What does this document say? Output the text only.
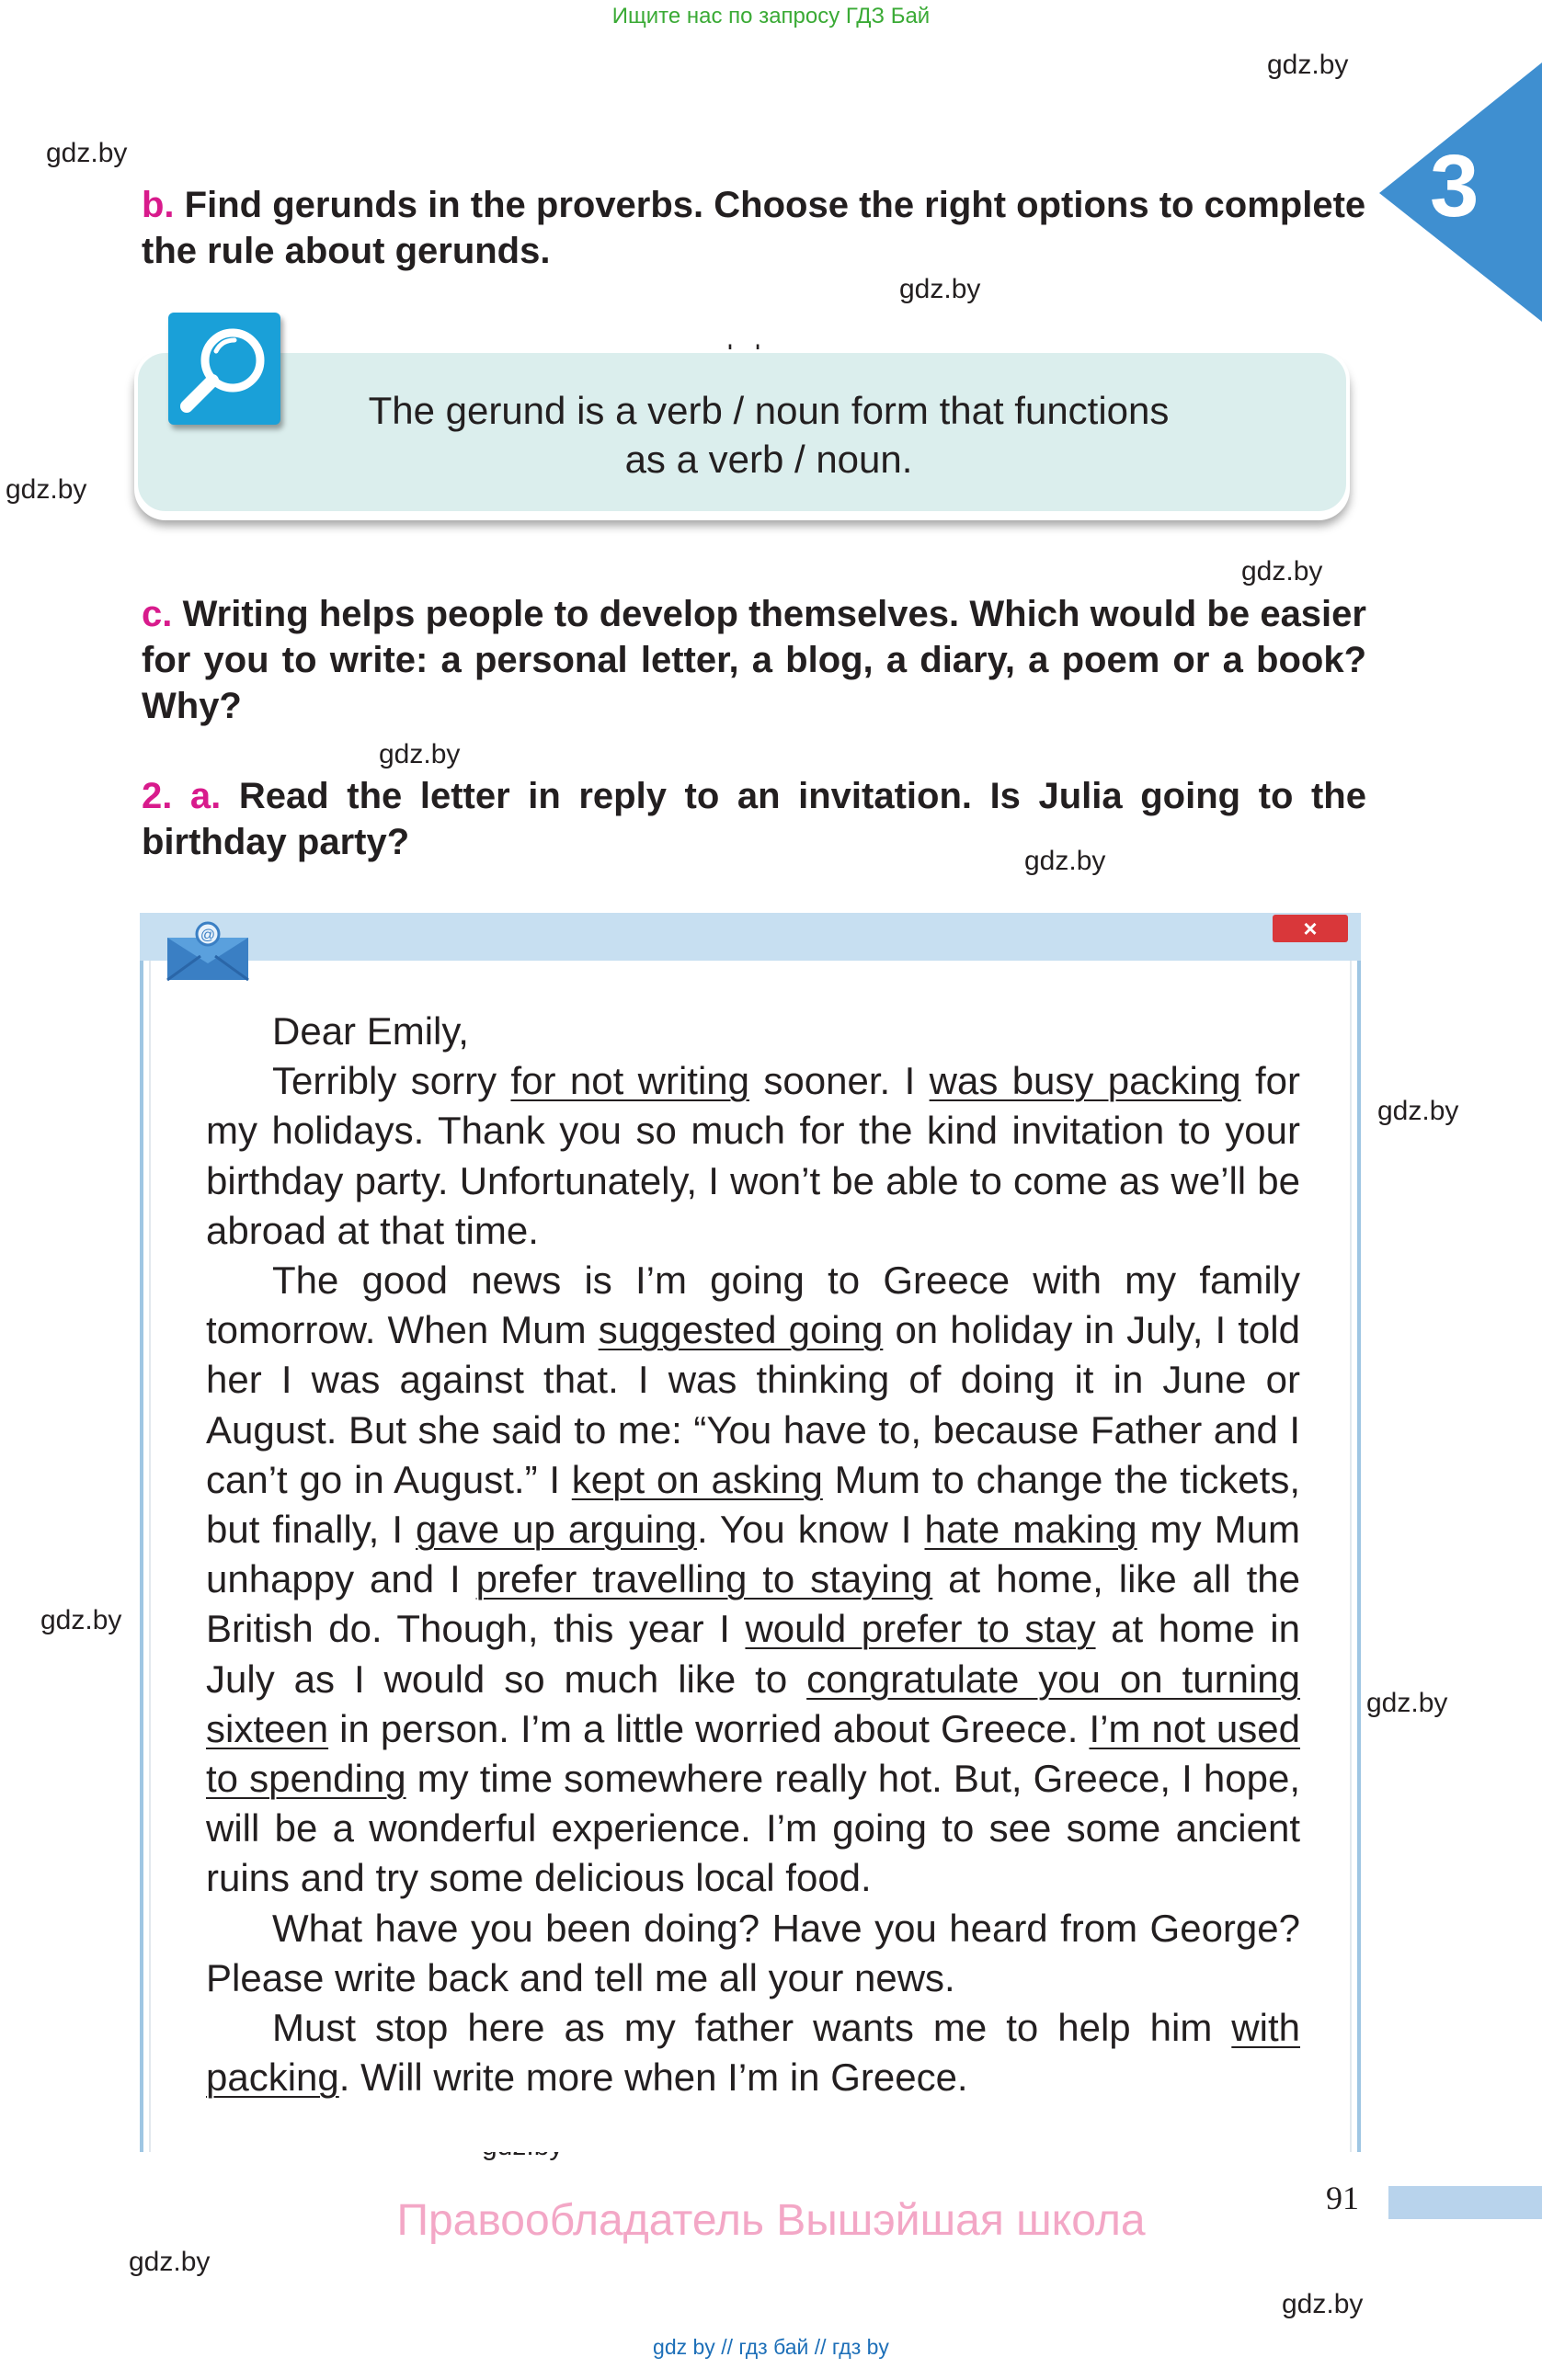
Ищите нас по запросу ГДЗ Бай
3
gdz.by
gdz.by
gdz.by
gdz.by
gdz.by
gdz.by
gdz.by
gdz.by
gdz.by
gdz.by
gdz.by
gdz.by
b. Find gerunds in the proverbs. Choose the right options to complete the rule about gerunds.
The gerund is a verb / noun form that functions
as a verb / noun.
c. Writing helps people to develop themselves. Which would be easier for you to write: a personal letter, a blog, a diary, a poem or a book? Why?
2. a. Read the letter in reply to an invitation. Is Julia going to the birthday party?
×
@

Dear Emily,

Terribly sorry for not writing sooner. I was busy packing for my holidays. Thank you so much for the kind invitation to your birthday party. Unfortunately, I won’t be able to come as we’ll be abroad at that time.

The good news is I’m going to Greece with my family tomorrow. When Mum suggested going on holiday in July, I told her I was against that. I was thinking of doing it in June or August. But she said to me: “You have to, because Father and I can’t go in August.” I kept on asking Mum to change the tickets, but finally, I gave up arguing. You know I hate making my Mum unhappy and I prefer travelling to staying at home, like all the British do. Though, this year I would prefer to stay at home in July as I would so much like to congratulate you on turning sixteen in person. I’m a little worried about Greece. I’m not used to spending my time somewhere really hot. But, Greece, I hope, will be a wonderful experience. I’m going to see some ancient ruins and try some delicious local food.

What have you been doing? Have you heard from George? Please write back and tell me all your news.

Must stop here as my father wants me to help him with packing. Will write more when I’m in Greece.

91
Правообладатель Вышэйшая школа
gdz by // гдз бай // гдз by
